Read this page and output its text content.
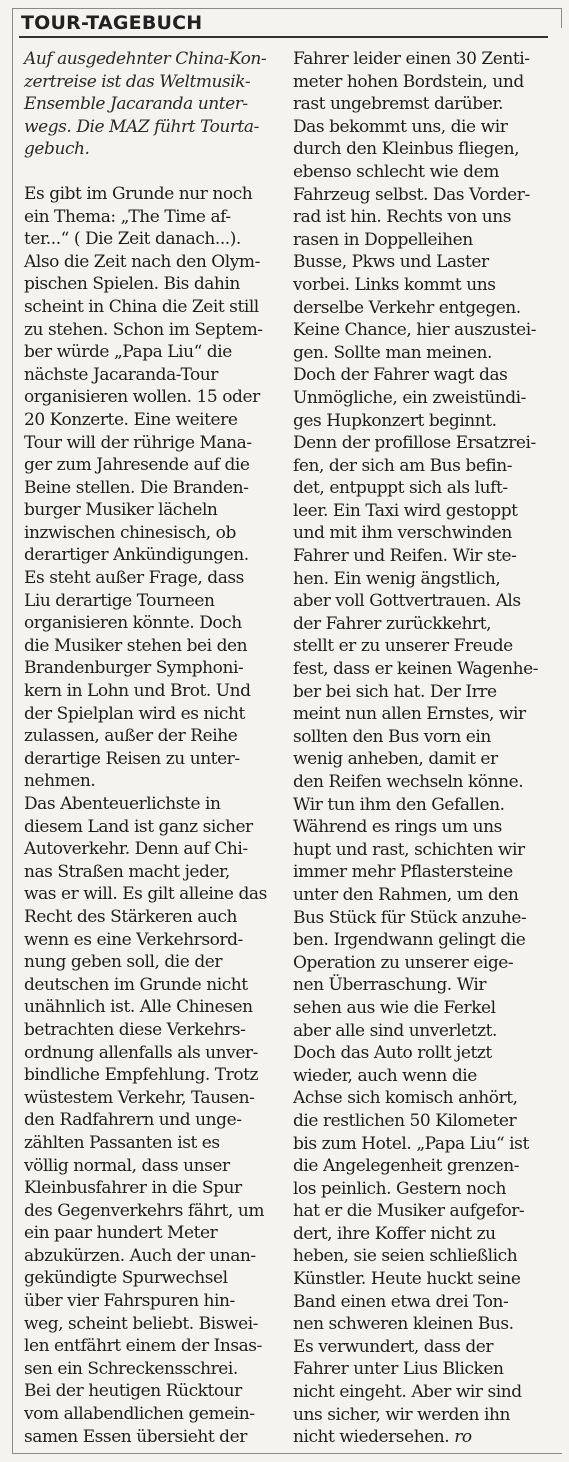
TOUR-TAGEBUCH
Auf ausgedehnter China-Kon-
zertreise ist das Weltmusik-
Ensemble Jacaranda unter-
wegs. Die MAZ führt Tourta-
gebuch.
Es gibt im Grunde nur noch
ein Thema: „The Time af-
ter...“ ( Die Zeit danach...).
Also die Zeit nach den Olym-
pischen Spielen. Bis dahin
scheint in China die Zeit still
zu stehen. Schon im Septem-
ber würde „Papa Liu“ die
nächste Jacaranda-Tour
organisieren wollen. 15 oder
20 Konzerte. Eine weitere
Tour will der rührige Mana-
ger zum Jahresende auf die
Beine stellen. Die Branden-
burger Musiker lächeln
inzwischen chinesisch, ob
derartiger Ankündigungen.
Es steht außer Frage, dass
Liu derartige Tourneen
organisieren könnte. Doch
die Musiker stehen bei den
Brandenburger Symphoni-
kern in Lohn und Brot. Und
der Spielplan wird es nicht
zulassen, außer der Reihe
derartige Reisen zu unter-
nehmen.
Das Abenteuerlichste in
diesem Land ist ganz sicher
Autoverkehr. Denn auf Chi-
nas Straßen macht jeder,
was er will. Es gilt alleine das
Recht des Stärkeren auch
wenn es eine Verkehrsord-
nung geben soll, die der
deutschen im Grunde nicht
unähnlich ist. Alle Chinesen
betrachten diese Verkehrs-
ordnung allenfalls als unver-
bindliche Empfehlung. Trotz
wüstestem Verkehr, Tausen-
den Radfahrern und unge-
zählten Passanten ist es
völlig normal, dass unser
Kleinbusfahrer in die Spur
des Gegenverkehrs fährt, um
ein paar hundert Meter
abzukürzen. Auch der unan-
gekündigte Spurwechsel
über vier Fahrspuren hin-
weg, scheint beliebt. Biswei-
len entfährt einem der Insas-
sen ein Schreckensschrei.
Bei der heutigen Rücktour
vom allabendlichen gemein-
samen Essen übersieht der
Fahrer leider einen 30 Zenti-
meter hohen Bordstein, und
rast ungebremst darüber.
Das bekommt uns, die wir
durch den Kleinbus fliegen,
ebenso schlecht wie dem
Fahrzeug selbst. Das Vorder-
rad ist hin. Rechts von uns
rasen in Doppelleihen
Busse, Pkws und Laster
vorbei. Links kommt uns
derselbe Verkehr entgegen.
Keine Chance, hier auszustei-
gen. Sollte man meinen.
Doch der Fahrer wagt das
Unmögliche, ein zweistündi-
ges Hupkonzert beginnt.
Denn der profillose Ersatzrei-
fen, der sich am Bus befin-
det, entpuppt sich als luft-
leer. Ein Taxi wird gestoppt
und mit ihm verschwinden
Fahrer und Reifen. Wir ste-
hen. Ein wenig ängstlich,
aber voll Gottvertrauen. Als
der Fahrer zurückkehrt,
stellt er zu unserer Freude
fest, dass er keinen Wagenhe-
ber bei sich hat. Der Irre
meint nun allen Ernstes, wir
sollten den Bus vorn ein
wenig anheben, damit er
den Reifen wechseln könne.
Wir tun ihm den Gefallen.
Während es rings um uns
hupt und rast, schichten wir
immer mehr Pflastersteine
unter den Rahmen, um den
Bus Stück für Stück anzuhe-
ben. Irgendwann gelingt die
Operation zu unserer eige-
nen Überraschung. Wir
sehen aus wie die Ferkel
aber alle sind unverletzt.
Doch das Auto rollt jetzt
wieder, auch wenn die
Achse sich komisch anhört,
die restlichen 50 Kilometer
bis zum Hotel. „Papa Liu“ ist
die Angelegenheit grenzen-
los peinlich. Gestern noch
hat er die Musiker aufgefor-
dert, ihre Koffer nicht zu
heben, sie seien schließlich
Künstler. Heute huckt seine
Band einen etwa drei Ton-
nen schweren kleinen Bus.
Es verwundert, dass der
Fahrer unter Lius Blicken
nicht eingeht. Aber wir sind
uns sicher, wir werden ihn
nicht wiedersehen. ro
